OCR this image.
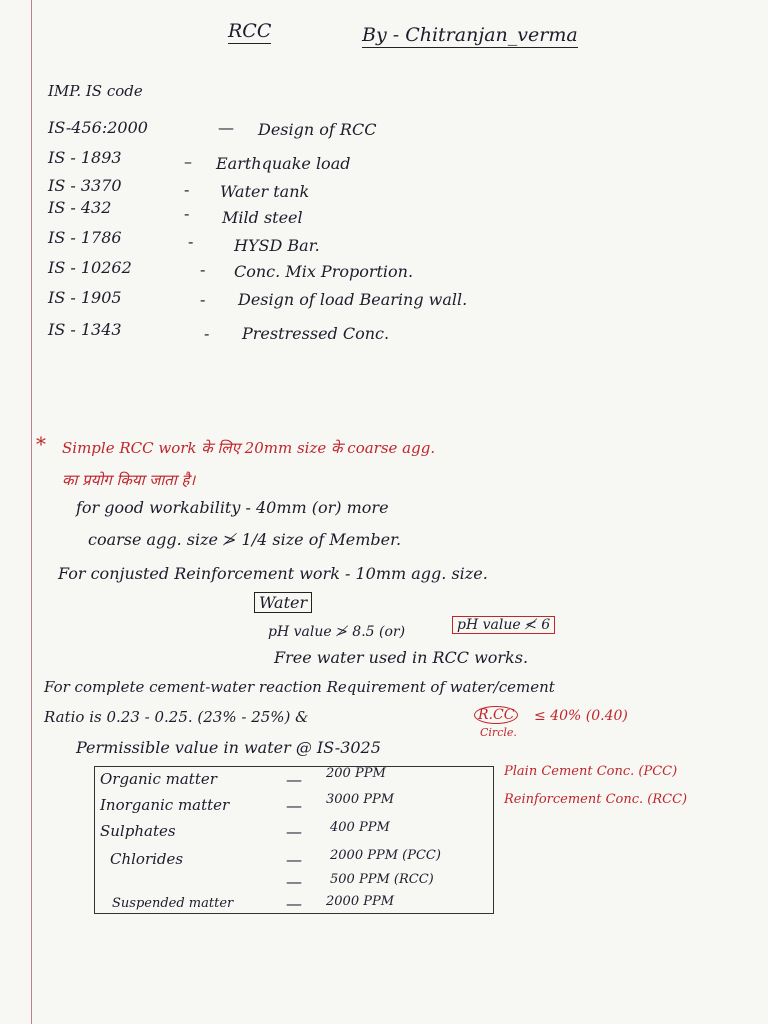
RCC	By - Chitranjan_verma
IMP. IS code
IS-456:2000	— Design of RCC
IS - 1893	– Earthquake load
IS - 3370	- Water tank
IS - 432	- Mild steel
IS - 1786	-	HYSD Bar.
IS - 10262	- Conc. Mix Proportion.
IS - 1905	- Design of load Bearing wall.
IS - 1343	- Prestressed Conc.
* Simple RCC work के लिए 20mm size के coarse agg.
का प्रयोग किया जाता है।
for good workability - 40mm (or) more
coarse agg. size ≯ 1/4 size of Member.
For conjusted Reinforcement work - 10mm agg. size.
Water
pH value ≯ 8.5 (or)	pH value ≮ 6
Free water used in RCC works.
For complete cement-water reaction Requirement of water/cement
Ratio is 0.23 - 0.25. (23% - 25%) &	R.CC ≤ 40% (0.40)
Circle.
Permissible value in water @ IS-3025
Organic matter	— 200 PPM
Inorganic matter	— 3000 PPM
Sulphates	— 400 PPM
Chlorides	— 2000 PPM (PCC)
— 500 PPM (RCC)
Suspended matter	— 2000 PPM
Plain Cement Conc. (PCC)
Reinforcement Conc. (RCC)
